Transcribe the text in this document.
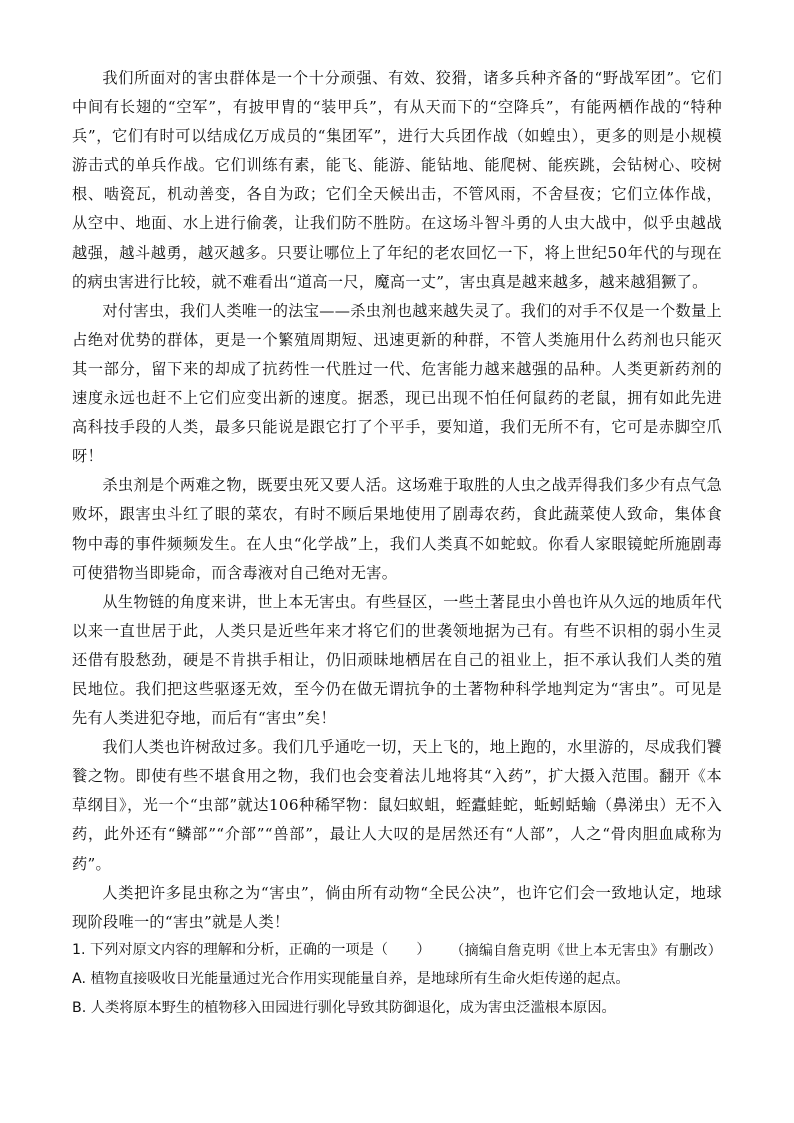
我们所面对的害虫群体是一个十分顽强、有效、狡猾，诸多兵种齐备的“野战军团”。它们中间有长翅的“空军”，有披甲胄的“装甲兵”，有从天而下的“空降兵”，有能两栖作战的“特种兵”，它们有时可以结成亿万成员的“集团军”，进行大兵团作战（如蝗虫），更多的则是小规模游击式的单兵作战。它们训练有素，能飞、能游、能钻地、能爬树、能疾跳，会钻树心、咬树根、啮瓷瓦，机动善变，各自为政；它们全天候出击，不管风雨，不舍昼夜；它们立体作战，从空中、地面、水上进行偷袭，让我们防不胜防。在这场斗智斗勇的人虫大战中，似乎虫越战越强，越斗越勇，越灭越多。只要让哪位上了年纪的老农回忆一下，将上世纪50年代的与现在的病虫害进行比较，就不难看出“道高一尺，魔高一丈”，害虫真是越来越多，越来越猖獗了。

对付害虫，我们人类唯一的法宝——杀虫剂也越来越失灵了。我们的对手不仅是一个数量上占绝对优势的群体，更是一个繁殖周期短、迅速更新的种群，不管人类施用什么药剂也只能灭其一部分，留下来的却成了抗药性一代胜过一代、危害能力越来越强的品种。人类更新药剂的速度永远也赶不上它们应变出新的速度。据悉，现已出现不怕任何鼠药的老鼠，拥有如此先进高科技手段的人类，最多只能说是跟它打了个平手，要知道，我们无所不有，它可是赤脚空爪呀！

杀虫剂是个两难之物，既要虫死又要人活。这场难于取胜的人虫之战弄得我们多少有点气急败坏，跟害虫斗红了眼的菜农，有时不顾后果地使用了剧毒农药，食此蔬菜使人致命，集体食物中毒的事件频频发生。在人虫“化学战”上，我们人类真不如蛇蚊。你看人家眼镜蛇所施剧毒可使猎物当即毙命，而含毒液对自己绝对无害。

从生物链的角度来讲，世上本无害虫。有些昼区，一些土著昆虫小兽也许从久远的地质年代以来一直世居于此，人类只是近些年来才将它们的世袭领地据为己有。有些不识相的弱小生灵还借有股愁劲，硬是不肯拱手相让，仍旧顽昧地栖居在自己的祖业上，拒不承认我们人类的殖民地位。我们把这些驱逐无效，至今仍在做无谓抗争的土著物种科学地判定为“害虫”。可见是先有人类进犯夺地，而后有“害虫”矣！

我们人类也许树敌过多。我们几乎通吃一切，天上飞的，地上跑的，水里游的，尽成我们饕餮之物。即使有些不堪食用之物，我们也会变着法儿地将其“入药”，扩大摄入范围。翻开《本草纲目》，光一个“虫部”就达106种稀罕物：鼠妇蚁蛆，蛭蠹蛙蛇，蚯蚓蛞蝓（鼻涕虫）无不入药，此外还有“鳞部”“介部”“兽部”，最让人大叹的是居然还有“人部”，人之“骨肉胆血咸称为药”。

人类把许多昆虫称之为“害虫”，倘由所有动物“全民公决”，也许它们会一致地认定，地球现阶段唯一的“害虫”就是人类！

（摘编自詹克明《世上本无害虫》有删改）

1. 下列对原文内容的理解和分析，正确的一项是（　　）

A. 植物直接吸收日光能量通过光合作用实现能量自养，是地球所有生命火炬传递的起点。

B. 人类将原本野生的植物移入田园进行驯化导致其防御退化，成为害虫泛滥根本原因。
